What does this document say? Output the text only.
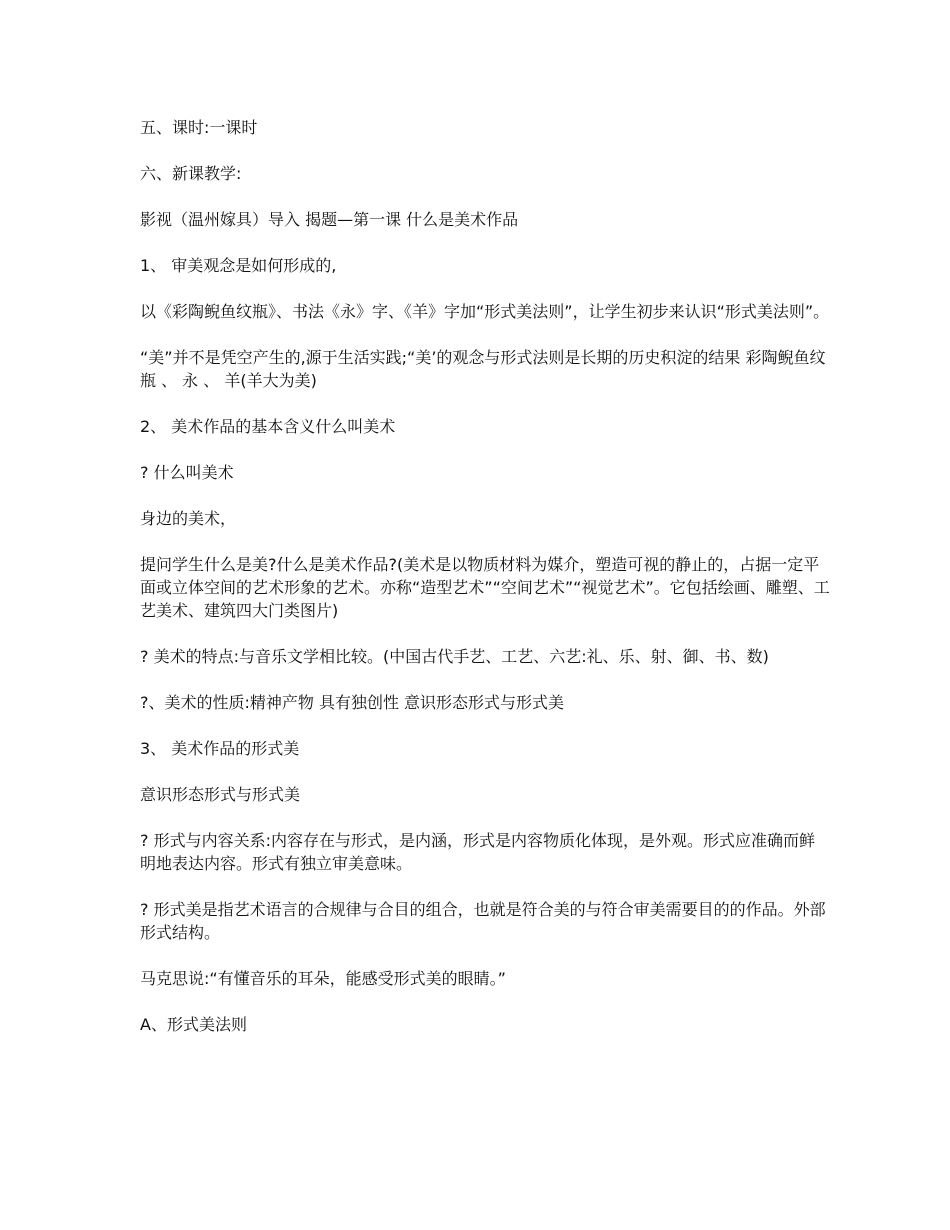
五、课时:一课时

六、新课教学:

影视（温州嫁具）导入 揭题—第一课 什么是美术作品

1、 审美观念是如何形成的,

以《彩陶鲵鱼纹瓶》、书法《永》字、《羊》字加“形式美法则”，让学生初步来认识“形式美法则”。

“美”并不是凭空产生的,源于生活实践;“美’的观念与形式法则是长期的历史积淀的结果 彩陶鲵鱼纹瓶 、 永 、 羊(羊大为美)

2、 美术作品的基本含义什么叫美术

? 什么叫美术

身边的美术，

提问学生什么是美?什么是美术作品?(美术是以物质材料为媒介，塑造可视的静止的，占据一定平面或立体空间的艺术形象的艺术。亦称“造型艺术”“空间艺术”“视觉艺术”。它包括绘画、雕塑、工艺美术、建筑四大门类图片)

? 美术的特点:与音乐文学相比较。(中国古代手艺、工艺、六艺:礼、乐、射、御、书、数)

?、美术的性质:精神产物 具有独创性 意识形态形式与形式美

3、 美术作品的形式美

意识形态形式与形式美

? 形式与内容关系:内容存在与形式，是内涵，形式是内容物质化体现，是外观。形式应准确而鲜明地表达内容。形式有独立审美意味。

? 形式美是指艺术语言的合规律与合目的组合，也就是符合美的与符合审美需要目的的作品。外部形式结构。

马克思说:“有懂音乐的耳朵，能感受形式美的眼睛。”

A、形式美法则
